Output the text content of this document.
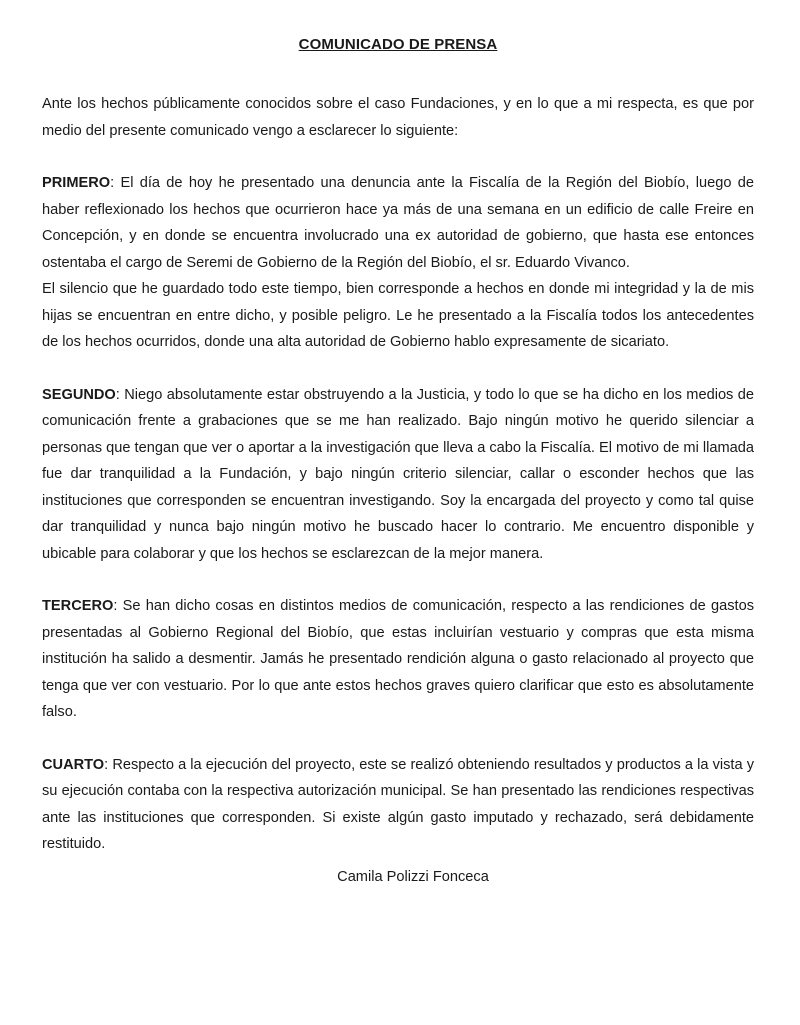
COMUNICADO DE PRENSA

Ante los hechos públicamente conocidos sobre el caso Fundaciones, y en lo que a mi respecta, es que por medio del presente comunicado vengo a esclarecer lo siguiente:

PRIMERO: El día de hoy he presentado una denuncia ante la Fiscalía de la Región del Biobío, luego de haber reflexionado los hechos que ocurrieron hace ya más de una semana en un edificio de calle Freire en Concepción, y en donde se encuentra involucrado una ex autoridad de gobierno, que hasta ese entonces ostentaba el cargo de Seremi de Gobierno de la Región del Biobío, el sr. Eduardo Vivanco.

El silencio que he guardado todo este tiempo, bien corresponde a hechos en donde mi integridad y la de mis hijas se encuentran en entre dicho, y posible peligro. Le he presentado a la Fiscalía todos los antecedentes de los hechos ocurridos, donde una alta autoridad de Gobierno hablo expresamente de sicariato.

SEGUNDO: Niego absolutamente estar obstruyendo a la Justicia, y todo lo que se ha dicho en los medios de comunicación frente a grabaciones que se me han realizado. Bajo ningún motivo he querido silenciar a personas que tengan que ver o aportar a la investigación que lleva a cabo la Fiscalía. El motivo de mi llamada fue dar tranquilidad a la Fundación, y bajo ningún criterio silenciar, callar o esconder hechos que las instituciones que corresponden se encuentran investigando. Soy la encargada del proyecto y como tal quise dar tranquilidad y nunca bajo ningún motivo he buscado hacer lo contrario. Me encuentro disponible y ubicable para colaborar y que los hechos se esclarezcan de la mejor manera.

TERCERO: Se han dicho cosas en distintos medios de comunicación, respecto a las rendiciones de gastos presentadas al Gobierno Regional del Biobío, que estas incluirían vestuario y compras que esta misma institución ha salido a desmentir. Jamás he presentado rendición alguna o gasto relacionado al proyecto que tenga que ver con vestuario. Por lo que ante estos hechos graves quiero clarificar que esto es absolutamente falso.

CUARTO: Respecto a la ejecución del proyecto, este se realizó obteniendo resultados y productos a la vista y su ejecución contaba con la respectiva autorización municipal. Se han presentado las rendiciones respectivas ante las instituciones que corresponden. Si existe algún gasto imputado y rechazado, será debidamente restituido.

Camila Polizzi Fonceca
